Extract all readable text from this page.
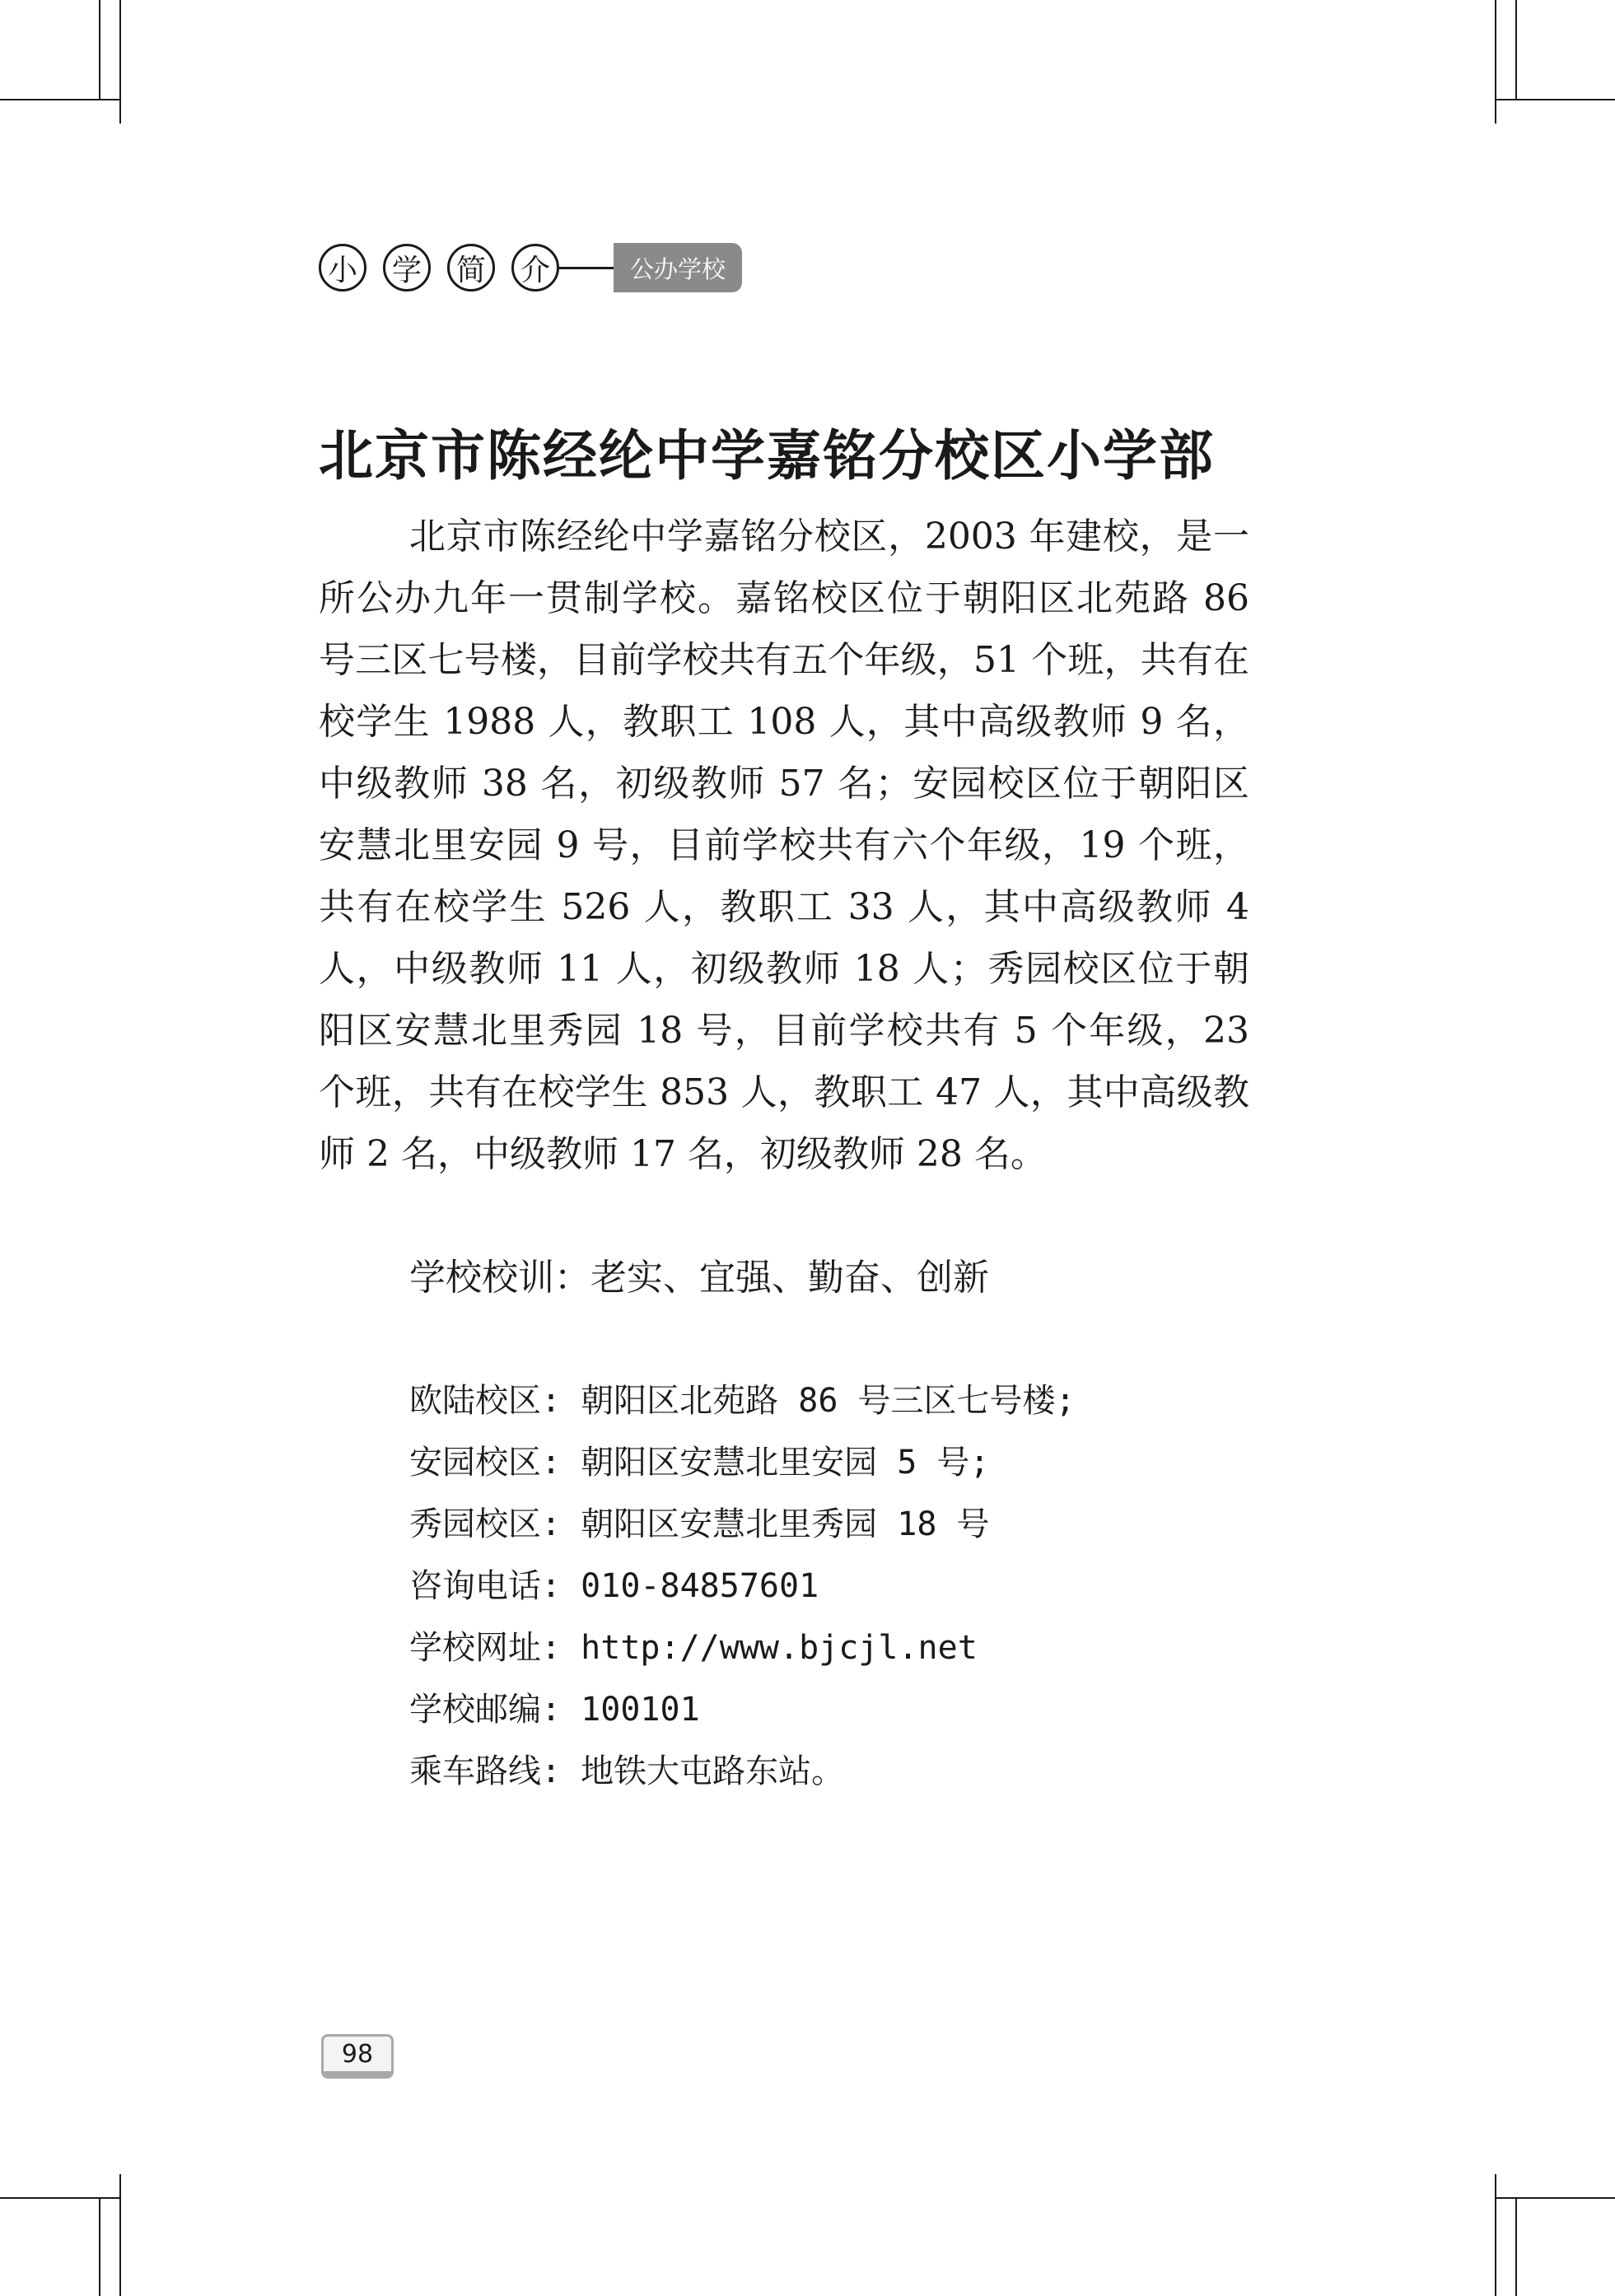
小	学	简	介	公办学校
北京市陈经纶中学嘉铭分校区小学部

北京市陈经纶中学嘉铭分校区，2003 年建校，是一所公办九年一贯制学校。嘉铭校区位于朝阳区北苑路 86 号三区七号楼，目前学校共有五个年级，51 个班，共有在校学生 1988 人，教职工 108 人，其中高级教师 9 名，中级教师 38 名，初级教师 57 名；安园校区位于朝阳区安慧北里安园 9 号，目前学校共有六个年级，19 个班，共有在校学生 526 人，教职工 33 人，其中高级教师 4 人，中级教师 11 人，初级教师 18 人；秀园校区位于朝阳区安慧北里秀园 18 号，目前学校共有 5 个年级，23 个班，共有在校学生 853 人，教职工 47 人，其中高级教师 2 名，中级教师 17 名，初级教师 28 名。

学校校训：老实、宜强、勤奋、创新

欧陆校区: 朝阳区北苑路 86 号三区七号楼;
安园校区: 朝阳区安慧北里安园 5 号;
秀园校区: 朝阳区安慧北里秀园 18 号
咨询电话: 010-84857601
学校网址: http://www.bjcjl.net
学校邮编: 100101
乘车路线: 地铁大屯路东站。
98
